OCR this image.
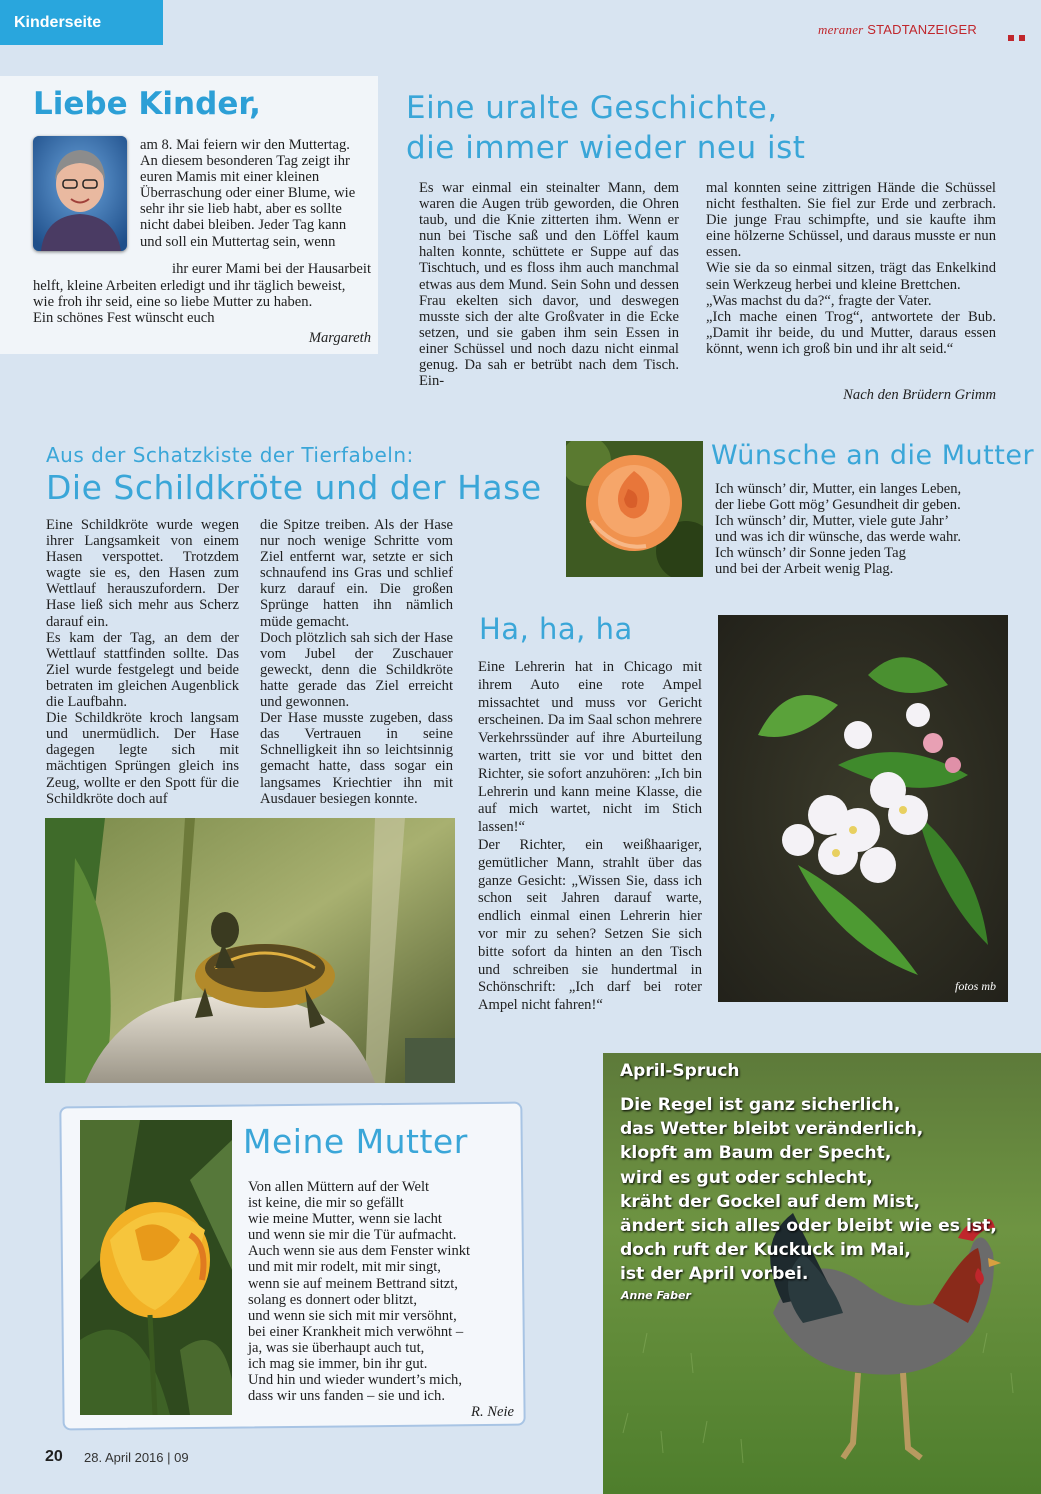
Kinderseite	meraner STADTANZEIGER
Liebe Kinder,

am 8. Mai feiern wir den Muttertag.

An diesem besonderen Tag zeigt ihr

euren Mamis mit einer kleinen

Überraschung oder einer Blume, wie

sehr ihr sie lieb habt, aber es sollte

nicht dabei bleiben. Jeder Tag kann

und soll ein Muttertag sein, wenn

ihr eurer Mami bei der Hausarbeit

helft, kleine Arbeiten erledigt und ihr täglich beweist,

wie froh ihr seid, eine so liebe Mutter zu haben.

Ein schönes Fest wünscht euch

Margareth
Eine uralte Geschichte,
die immer wieder neu ist
Es war einmal ein steinalter Mann, dem waren die Augen trüb geworden, die Ohren taub, und die Knie zitterten ihm. Wenn er nun bei Tische saß und den Löffel kaum halten konnte, schüttete er Suppe auf das Tischtuch, und es floss ihm auch manchmal etwas aus dem Mund. Sein Sohn und dessen Frau ekelten sich davor, und deswegen musste sich der alte Großvater in die Ecke setzen, und sie gaben ihm sein Essen in einer Schüssel und noch dazu nicht einmal genug. Da sah er betrübt nach dem Tisch. Ein-

mal konnten seine zittrigen Hände die Schüssel nicht festhalten. Sie fiel zur Erde und zerbrach. Die junge Frau schimpfte, und sie kaufte ihm eine hölzerne Schüssel, und daraus musste er nun essen.

Wie sie da so einmal sitzen, trägt das Enkelkind sein Werkzeug herbei und kleine Brettchen.

„Was machst du da?“, fragte der Vater.

„Ich mache einen Trog“, antwortete der Bub. „Damit ihr beide, du und Mutter, daraus essen könnt, wenn ich groß bin und ihr alt seid.“

Nach den Brüdern Grimm
Aus der Schatzkiste der Tierfabeln:
Die Schildkröte und der Hase

Eine Schildkröte wurde wegen ihrer Langsamkeit von einem Hasen verspottet. Trotzdem wagte sie es, den Hasen zum Wettlauf herauszufordern. Der Hase ließ sich mehr aus Scherz darauf ein.

Es kam der Tag, an dem der Wettlauf stattfinden sollte. Das Ziel wurde festgelegt und beide betraten im gleichen Augenblick die Laufbahn.

Die Schildkröte kroch langsam und unermüdlich. Der Hase dagegen legte sich mit mächtigen Sprüngen gleich ins Zeug, wollte er den Spott für die Schildkröte doch auf

die Spitze treiben. Als der Hase nur noch wenige Schritte vom Ziel entfernt war, setzte er sich schnaufend ins Gras und schlief kurz darauf ein. Die großen Sprünge hatten ihn nämlich müde gemacht.

Doch plötzlich sah sich der Hase vom Jubel der Zuschauer geweckt, denn die Schildkröte hatte gerade das Ziel erreicht und gewonnen.

Der Hase musste zugeben, dass das Vertrauen in seine Schnelligkeit ihn so leichtsinnig gemacht hatte, dass sogar ein langsames Kriechtier ihn mit Ausdauer besiegen konnte.

Wünsche an die Mutter

Ich wünsch’ dir, Mutter, ein langes Leben,

der liebe Gott mög’ Gesundheit dir geben.

Ich wünsch’ dir, Mutter, viele gute Jahr’

und was ich dir wünsche, das werde wahr.

Ich wünsch’ dir Sonne jeden Tag

und bei der Arbeit wenig Plag.

Ha, ha, ha

Eine Lehrerin hat in Chicago mit ihrem Auto eine rote Ampel missachtet und muss vor Gericht erscheinen. Da im Saal schon mehrere Verkehrssünder auf ihre Aburteilung warten, tritt sie vor und bittet den Richter, sie sofort anzuhören: „Ich bin Lehrerin und kann meine Klasse, die auf mich wartet, nicht im Stich lassen!“

Der Richter, ein weißhaariger, gemütlicher Mann, strahlt über das ganze Gesicht: „Wissen Sie, dass ich schon seit Jahren darauf warte, endlich einmal einen Lehrerin hier vor mir zu sehen? Setzen Sie sich bitte sofort da hinten an den Tisch und schreiben sie hundertmal in Schönschrift: „Ich darf bei roter Ampel nicht fahren!“

fotos mb
Meine Mutter

Von allen Müttern auf der Welt

ist keine, die mir so gefällt

wie meine Mutter, wenn sie lacht

und wenn sie mir die Tür aufmacht.

Auch wenn sie aus dem Fenster winkt

und mit mir rodelt, mit mir singt,

wenn sie auf meinem Bettrand sitzt,

solang es donnert oder blitzt,

und wenn sie sich mit mir versöhnt,

bei einer Krankheit mich verwöhnt –

ja, was sie überhaupt auch tut,

ich mag sie immer, bin ihr gut.

Und hin und wieder wundert’s mich,

dass wir uns fanden – sie und ich.

R. Neie
April-Spruch

Die Regel ist ganz sicherlich,

das Wetter bleibt veränderlich,

klopft am Baum der Specht,

wird es gut oder schlecht,

kräht der Gockel auf dem Mist,

ändert sich alles oder bleibt wie es ist,

doch ruft der Kuckuck im Mai,

ist der April vorbei.

Anne Faber
20 28. April 2016 | 09
